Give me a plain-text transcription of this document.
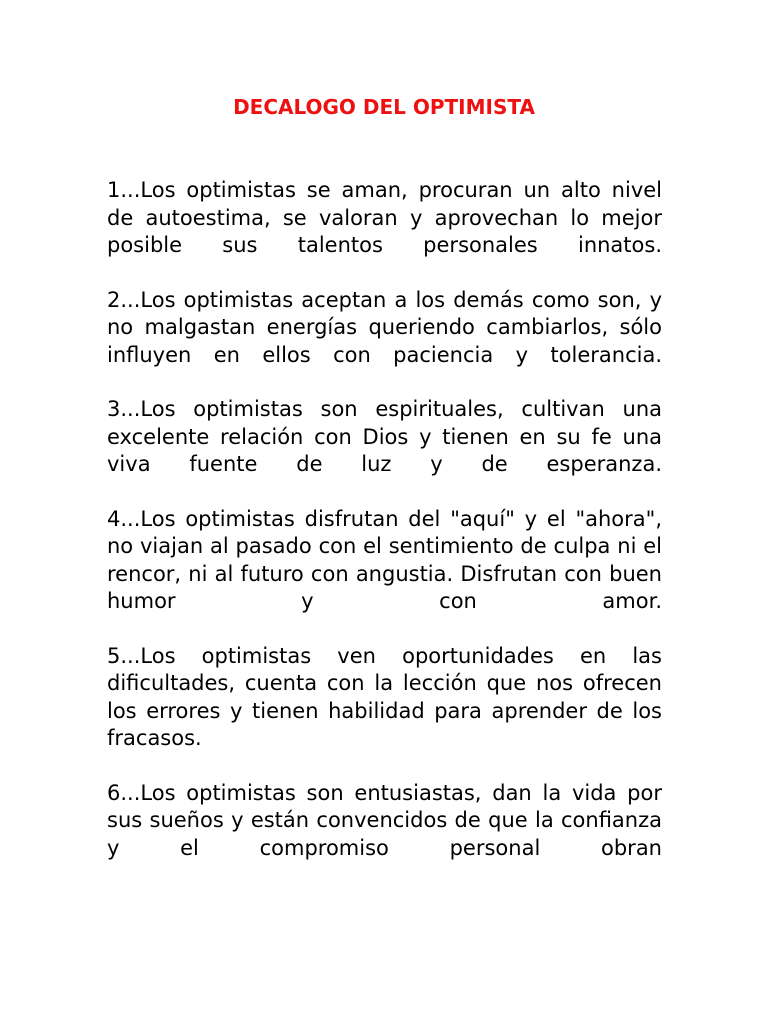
DECALOGO DEL OPTIMISTA

1...Los optimistas se aman, procuran un alto nivel de autoestima, se valoran y aprovechan lo mejor posible sus talentos personales innatos.

2...Los optimistas aceptan a los demás como son, y no malgastan energías queriendo cambiarlos, sólo influyen en ellos con paciencia y tolerancia.

3...Los optimistas son espirituales, cultivan una excelente relación con Dios y tienen en su fe una viva fuente de luz y de esperanza.

4...Los optimistas disfrutan del "aquí" y el "ahora", no viajan al pasado con el sentimiento de culpa ni el rencor, ni al futuro con angustia. Disfrutan con buen humor y con amor.

5...Los optimistas ven oportunidades en las dificultades, cuenta con la lección que nos ofrecen los errores y tienen habilidad para aprender de los fracasos.

6...Los optimistas son entusiastas, dan la vida por sus sueños y están convencidos de que la confianza y el compromiso personal obran
